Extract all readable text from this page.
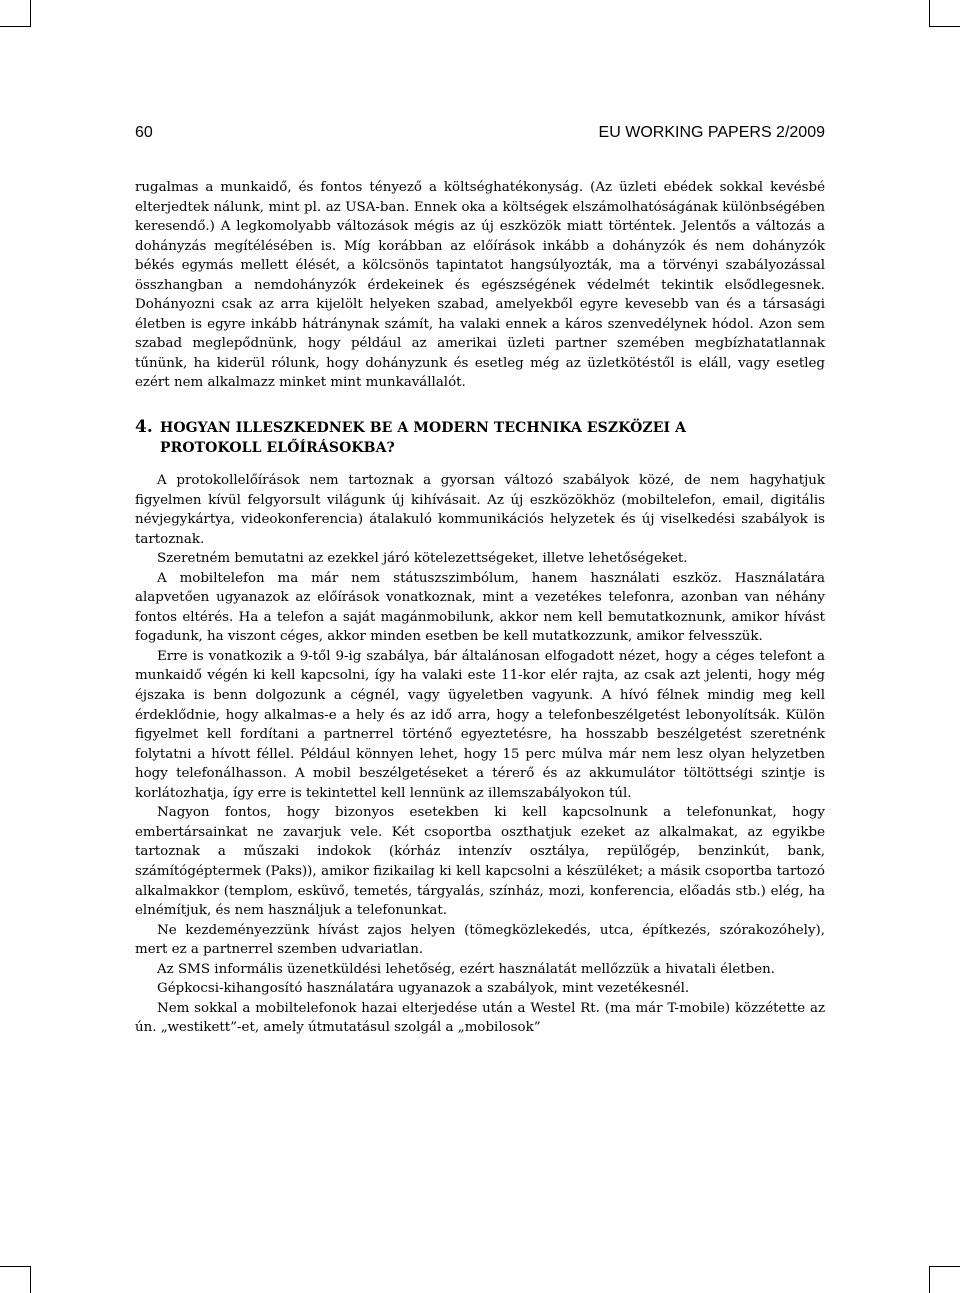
60	EU WORKING PAPERS 2/2009

rugalmas a munkaidő, és fontos tényező a költséghatékonyság. (Az üzleti ebédek sokkal kevésbé elterjedtek nálunk, mint pl. az USA-ban. Ennek oka a költségek elszámolhatóságának különbségében keresendő.) A legkomolyabb változások mégis az új eszközök miatt történtek. Jelentős a változás a dohányzás megítélésében is. Míg korábban az előírások inkább a dohányzók és nem dohányzók békés egymás mellett élését, a kölcsönös tapintatot hangsúlyozták, ma a törvényi szabályozással összhangban a nemdohányzók érdekeinek és egészségének védelmét tekintik elsődlegesnek. Dohányozni csak az arra kijelölt helyeken szabad, amelyekből egyre kevesebb van és a társasági életben is egyre inkább hátránynak számít, ha valaki ennek a káros szenvedélynek hódol. Azon sem szabad meglepődnünk, hogy például az amerikai üzleti partner szemében megbízhatatlannak tűnünk, ha kiderül rólunk, hogy dohányzunk és esetleg még az üzletkötéstől is eláll, vagy esetleg ezért nem alkalmazz minket mint munkavállalót.

4. HOGYAN ILLESZKEDNEK BE A MODERN TECHNIKA ESZKÖZEI A
PROTOKOLL ELŐÍRÁSOKBA?

A protokollelőírások nem tartoznak a gyorsan változó szabályok közé, de nem hagyhatjuk figyelmen kívül felgyorsult világunk új kihívásait. Az új eszközökhöz (mobiltelefon, email, digitális névjegykártya, videokonferencia) átalakuló kommunikációs helyzetek és új viselkedési szabályok is tartoznak.

Szeretném bemutatni az ezekkel járó kötelezettségeket, illetve lehetőségeket.

A mobiltelefon ma már nem státuszszimbólum, hanem használati eszköz. Használatára alapvetően ugyanazok az előírások vonatkoznak, mint a vezetékes telefonra, azonban van néhány fontos eltérés. Ha a telefon a saját magánmobilunk, akkor nem kell bemutatkoznunk, amikor hívást fogadunk, ha viszont céges, akkor minden esetben be kell mutatkozzunk, amikor felvesszük.

Erre is vonatkozik a 9-től 9-ig szabálya, bár általánosan elfogadott nézet, hogy a céges telefont a munkaidő végén ki kell kapcsolni, így ha valaki este 11-kor elér rajta, az csak azt jelenti, hogy még éjszaka is benn dolgozunk a cégnél, vagy ügyeletben vagyunk. A hívó félnek mindig meg kell érdeklődnie, hogy alkalmas-e a hely és az idő arra, hogy a telefonbeszélgetést lebonyolítsák. Külön figyelmet kell fordítani a partnerrel történő egyeztetésre, ha hosszabb beszélgetést szeretnénk folytatni a hívott féllel. Például könnyen lehet, hogy 15 perc múlva már nem lesz olyan helyzetben hogy telefonálhasson. A mobil beszélgetéseket a térerő és az akkumulátor töltöttségi szintje is korlátozhatja, így erre is tekintettel kell lennünk az illemszabályokon túl.

Nagyon fontos, hogy bizonyos esetekben ki kell kapcsolnunk a telefonunkat, hogy embertársainkat ne zavarjuk vele. Két csoportba oszthatjuk ezeket az alkalmakat, az egyikbe tartoznak a műszaki indokok (kórház intenzív osztálya, repülőgép, benzinkút, bank, számítógéptermek (Paks)), amikor fizikailag ki kell kapcsolni a készüléket; a másik csoportba tartozó alkalmakkor (templom, esküvő, temetés, tárgyalás, színház, mozi, konferencia, előadás stb.) elég, ha elnémítjuk, és nem használjuk a telefonunkat.

Ne kezdeményezzünk hívást zajos helyen (tömegközlekedés, utca, építkezés, szórakozóhely), mert ez a partnerrel szemben udvariatlan.

Az SMS informális üzenetküldési lehetőség, ezért használatát mellőzzük a hivatali életben.

Gépkocsi-kihangosító használatára ugyanazok a szabályok, mint vezetékesnél.

Nem sokkal a mobiltelefonok hazai elterjedése után a Westel Rt. (ma már T-mobile) közzétette az ún. „westikett”-et, amely útmutatásul szolgál a „mobilosok”
